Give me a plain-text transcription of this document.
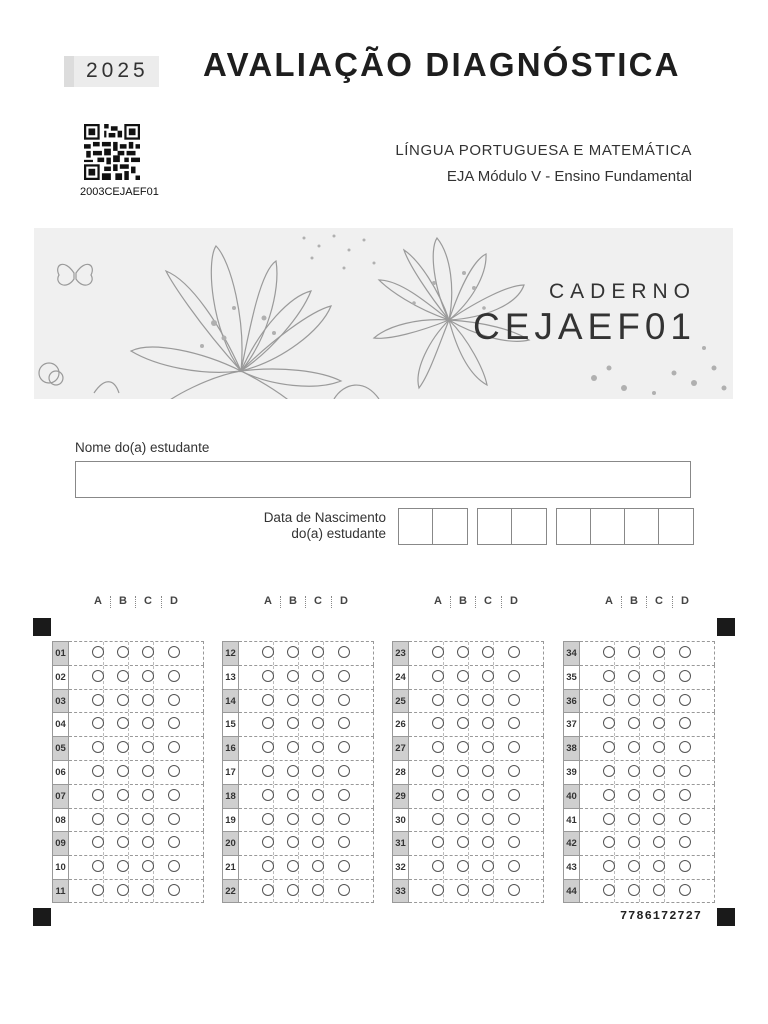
2025 AVALIAÇÃO DIAGNÓSTICA
LÍNGUA PORTUGUESA E MATEMÁTICA
EJA Módulo V - Ensino Fundamental
2003CEJAEF01
CADERNO
CEJAEF01
Nome do(a) estudante
Data de Nascimento
do(a) estudante
A B C D
01
02
03
04
05
06
07
08
09
10
11
A B C D
12
13
14
15
16
17
18
19
20
21
22
A B C D
23
24
25
26
27
28
29
30
31
32
33
A B C D
34
35
36
37
38
39
40
41
42
43
44
7786172727
